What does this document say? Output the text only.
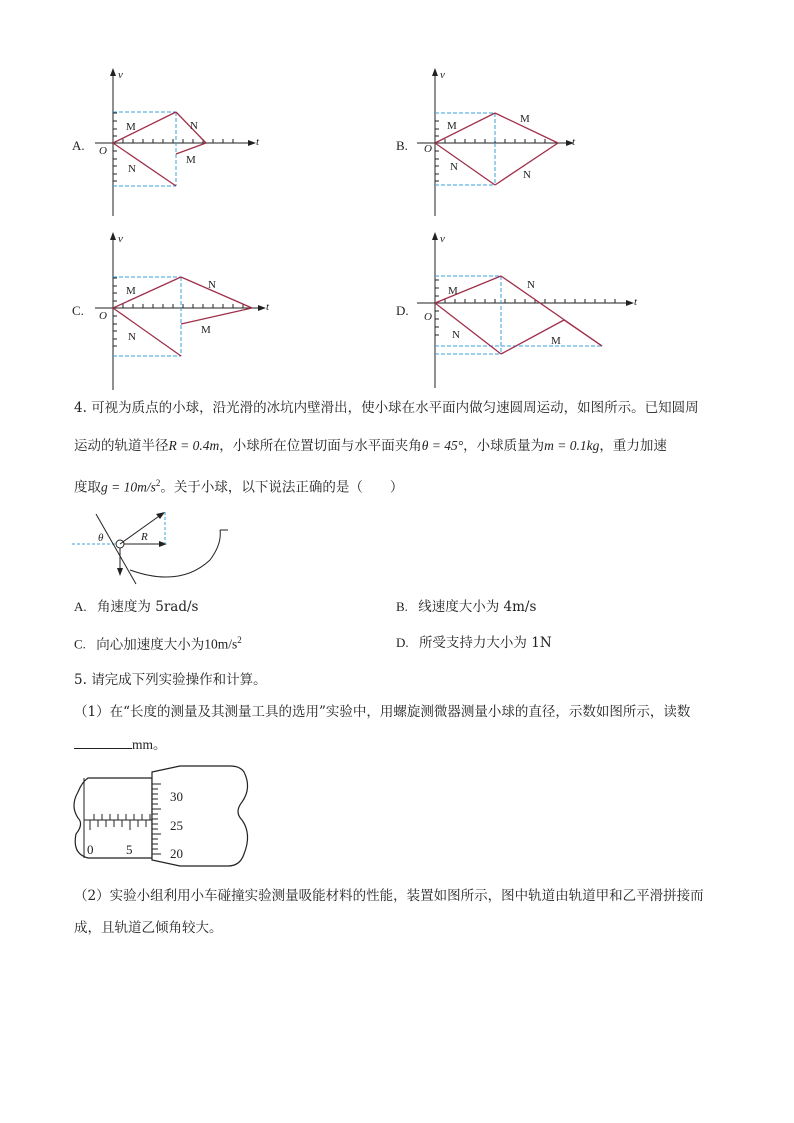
A.
v
t
O
M
N
N
M
B.
v
t
O
M
M
N
N
C.
v
t
O
M
N
N
M
D.
v
t
O
M
N
N
M
4. 可视为质点的小球，沿光滑的冰坑内壁滑出，使小球在水平面内做匀速圆周运动，如图所示。已知圆周
运动的轨道半径R = 0.4m，小球所在位置切面与水平面夹角θ = 45°，小球质量为m = 0.1kg，重力加速
度取$g = 10m/s^2$。关于小球，以下说法正确的是（　　）
θ	R
A. 角速度为 5rad/s	B. 线速度大小为 4m/s
C. 向心加速度大小为$10m/s^2$	D. 所受支持力大小为 1N
5. 请完成下列实验操作和计算。
（1）在“长度的测量及其测量工具的选用”实验中，用螺旋测微器测量小球的直径，示数如图所示，读数
mm。
30
25
20
0	5
（2）实验小组利用小车碰撞实验测量吸能材料的性能，装置如图所示，图中轨道由轨道甲和乙平滑拼接而
成，且轨道乙倾角较大。
